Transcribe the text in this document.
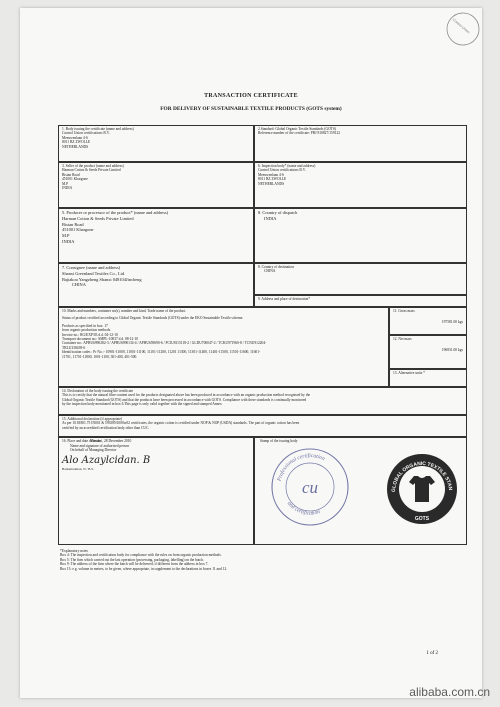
Control Union
TRANSACTION CERTIFICATE
FOR DELIVERY OF SUSTAINABLE TEXTILE PRODUCTS (GOTS system)
1. Body issuing the certificate (name and address)
Control Union certifications B.V.
Meeuwenlaan 4-6
8011 BZ ZWOLLE
NETHERLANDS
2.Standard: Global Organic Textile Standards (GOTS)
Reference number of the certificate: PRJ 810827/159122
3. Seller of the product (name and address)
Harman Cotton & Seeds Private Limited
Bistan Road
451001 Khargone
M.P
INDIA
6. Inspection body* (name and address)
Control Union certifications B.V.
Meeuwenlaan 4-6
8011 BZ ZWOLLE
NETHERLANDS
5. Producer or processor of the product* (name and address)
Harman Cotton & Seeds Private Limited
Bistan Road
451001 Khargone
M.P
INDIA
8. Country of dispatch
INDIA
7. Consignee (name and address)
Shanxi Greenland Textiles Co., Ltd.
Bajiakou Yangzheng Shanxi 048104Jincheng
CHINA
8. Country of destination
CHINA
9. Address and place of destination*
10. Marks and numbers, container no(s), number and kind, Trade name of the product.
Status of product certified according to Global Organic Textile Standards (GOTS) under the EKO Sustainable Textile scheme.
Products as specified in box: 17
from organic production methods.
Invoice no.: RG/EXP/03 d.d. 04-12-10
Transport document no.: SMPL-10037 d.d. 08-12-10
Container no.: APHU6990282-3 / APHU6990134-4 / APHU659690-6 / FCIU8115118-2 / GLDU700047-2 / TCKU971960-8 / TCNU912204-
TRLU338439-6
Identification codes : Pr No.:- 10901-11000, 11001-11100, 11101-11200, 11201 11300, 11301-11400, 11401-11500, 11501-11600, 11601-
11701, 11701-11800, 1001-1100, 301-400, 401-500.
11. Gross mass
197581.00 kgs
12. Net mass
196831.00 kgs
13. Alternative units *
14. Declaration of the body issuing the certificate
This is to certify that the natural fibre content used for the products designated above has been produced in accordance with an organic production method recognised by the
Global Organic Textile Standard (GOTS) and that the products have been processed in accordance with GOTS. Compliance with these standards is continually monitored
by the inspection body mentioned in box 6.This page is only valid together with the signed and stamped Annex
15. Additional declaration (if appropriate)
As per 10.81801.75 IN001 & 59358N1000w02 certificates, the organic cotton is certified under NOP & NOP (USDA) standards. The part of organic cotton has been
certified by an accredited certification body other than CUC.
16. Place and date of issue
Mumbai, 28 December 2010
Name and signature of authorised person
On behalf of Managing Director
Alo Azaylcidan. B
Balasubraman. N / B.S.
Stamp of the issuing body
Professional certification
cu
and certification
GLOBAL ORGANIC TEXTILE STAN
GOTS
*Explanatory notes
Box 4: The inspection and certification body for compliance with the rules on from organic production methods.
Box 5: The firm which carried out the last operation (processing, packaging, labelling) on the batch.
Box 9: The address of the firm where the batch will be delivered, if different from the address in box 7.
Box 13: e.g. volume in metres, to be given, where appropriate, in supplement to the declarations in boxes 11 and 12.
1 of 2
alibaba.com.cn
